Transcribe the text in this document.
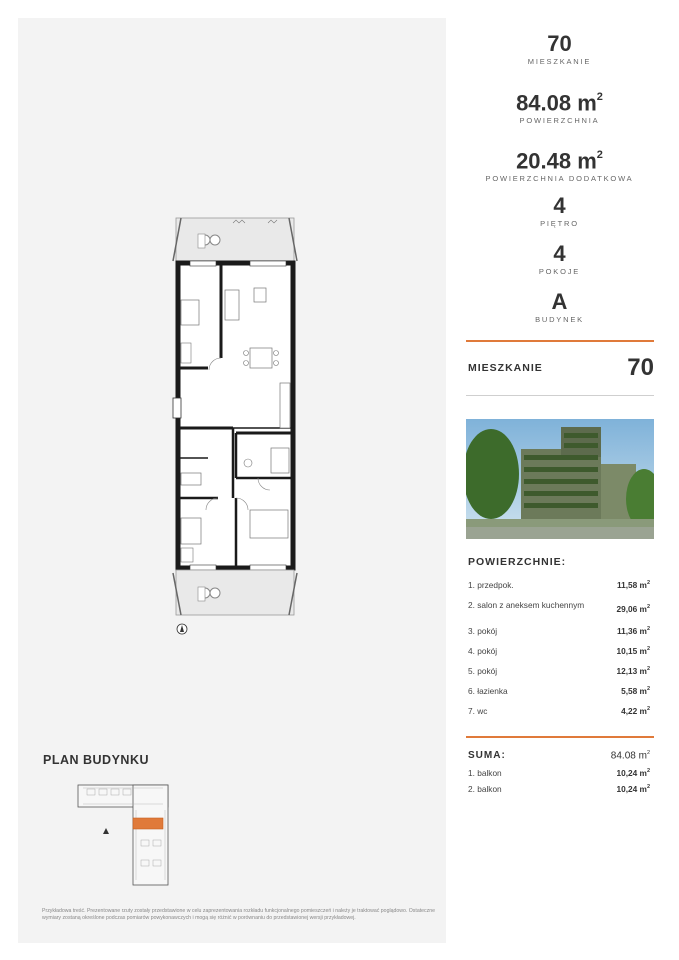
PLAN BUDYNKU
Przykładowa treść. Prezentowane rzuty zostały przedstawione w celu zaprezentowania rozkładu funkcjonalnego pomieszczeń i należy je traktować poglądowo. Ostateczne wymiary zostaną określone podczas pomiarów powykonawczych i mogą się różnić w porównaniu do przedstawionej wersji przykładowej.
70
MIESZKANIE
84.08 $m^2$
POWIERZCHNIA
20.48 $m^2$
POWIERZCHNIA DODATKOWA
4
PIĘTRO
4
POKOJE
A
BUDYNEK
MIESZKANIE	70
POWIERZCHNIE:
1. przedpok.	11,58 $m^2$
2. salon z aneksem kuchennym	29,06 $m^2$
3. pokój	11,36 $m^2$
4. pokój	10,15 $m^2$
5. pokój	12,13 $m^2$
6. łazienka	5,58 $m^2$
7. wc	4,22 $m^2$
SUMA:	84.08 $m^2$
1. balkon	10,24 $m^2$
2. balkon	10,24 $m^2$
